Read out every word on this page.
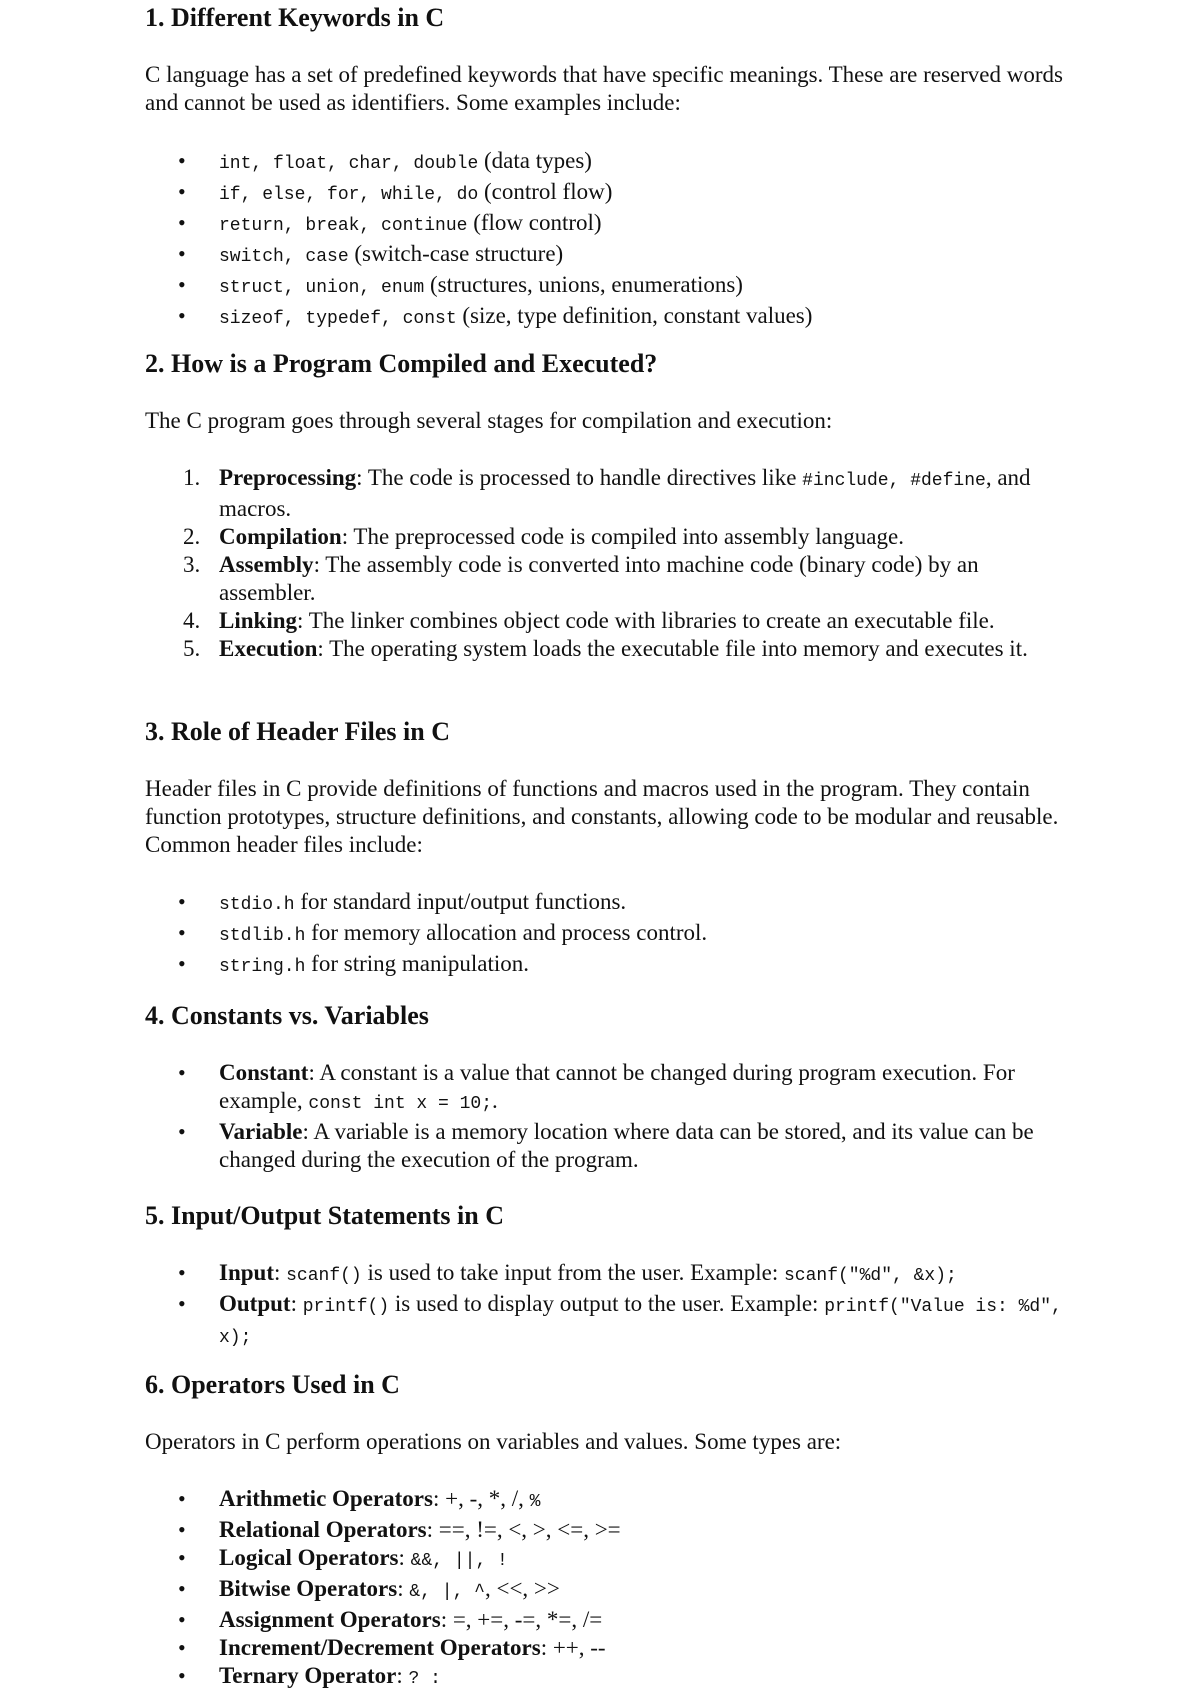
1. Different Keywords in C

C language has a set of predefined keywords that have specific meanings. These are reserved words and cannot be used as identifiers. Some examples include:

• int, float, char, double (data types)
• if, else, for, while, do (control flow)
• return, break, continue (flow control)
• switch, case (switch-case structure)
• struct, union, enum (structures, unions, enumerations)
• sizeof, typedef, const (size, type definition, constant values)
2. How is a Program Compiled and Executed?

The C program goes through several stages for compilation and execution:

1. Preprocessing: The code is processed to handle directives like #include, #define, and macros.
2. Compilation: The preprocessed code is compiled into assembly language.
3. Assembly: The assembly code is converted into machine code (binary code) by an assembler.
4. Linking: The linker combines object code with libraries to create an executable file.
5. Execution: The operating system loads the executable file into memory and executes it.
3. Role of Header Files in C

Header files in C provide definitions of functions and macros used in the program. They contain function prototypes, structure definitions, and constants, allowing code to be modular and reusable. Common header files include:

• stdio.h for standard input/output functions.
• stdlib.h for memory allocation and process control.
• string.h for string manipulation.
4. Constants vs. Variables
• Constant: A constant is a value that cannot be changed during program execution. For example, const int x = 10;.
• Variable: A variable is a memory location where data can be stored, and its value can be changed during the execution of the program.
5. Input/Output Statements in C
• Input: scanf() is used to take input from the user. Example: scanf("%d", &x);
• Output: printf() is used to display output to the user. Example: printf("Value is: %d", x);
6. Operators Used in C

Operators in C perform operations on variables and values. Some types are:

• Arithmetic Operators: +, -, *, /, %
• Relational Operators: ==, !=, <, >, <=, >=
• Logical Operators: &&, ||, !
• Bitwise Operators: &, |, ^, <<, >>
• Assignment Operators: =, +=, -=, *=, /=
• Increment/Decrement Operators: ++, --
• Ternary Operator: ? :
